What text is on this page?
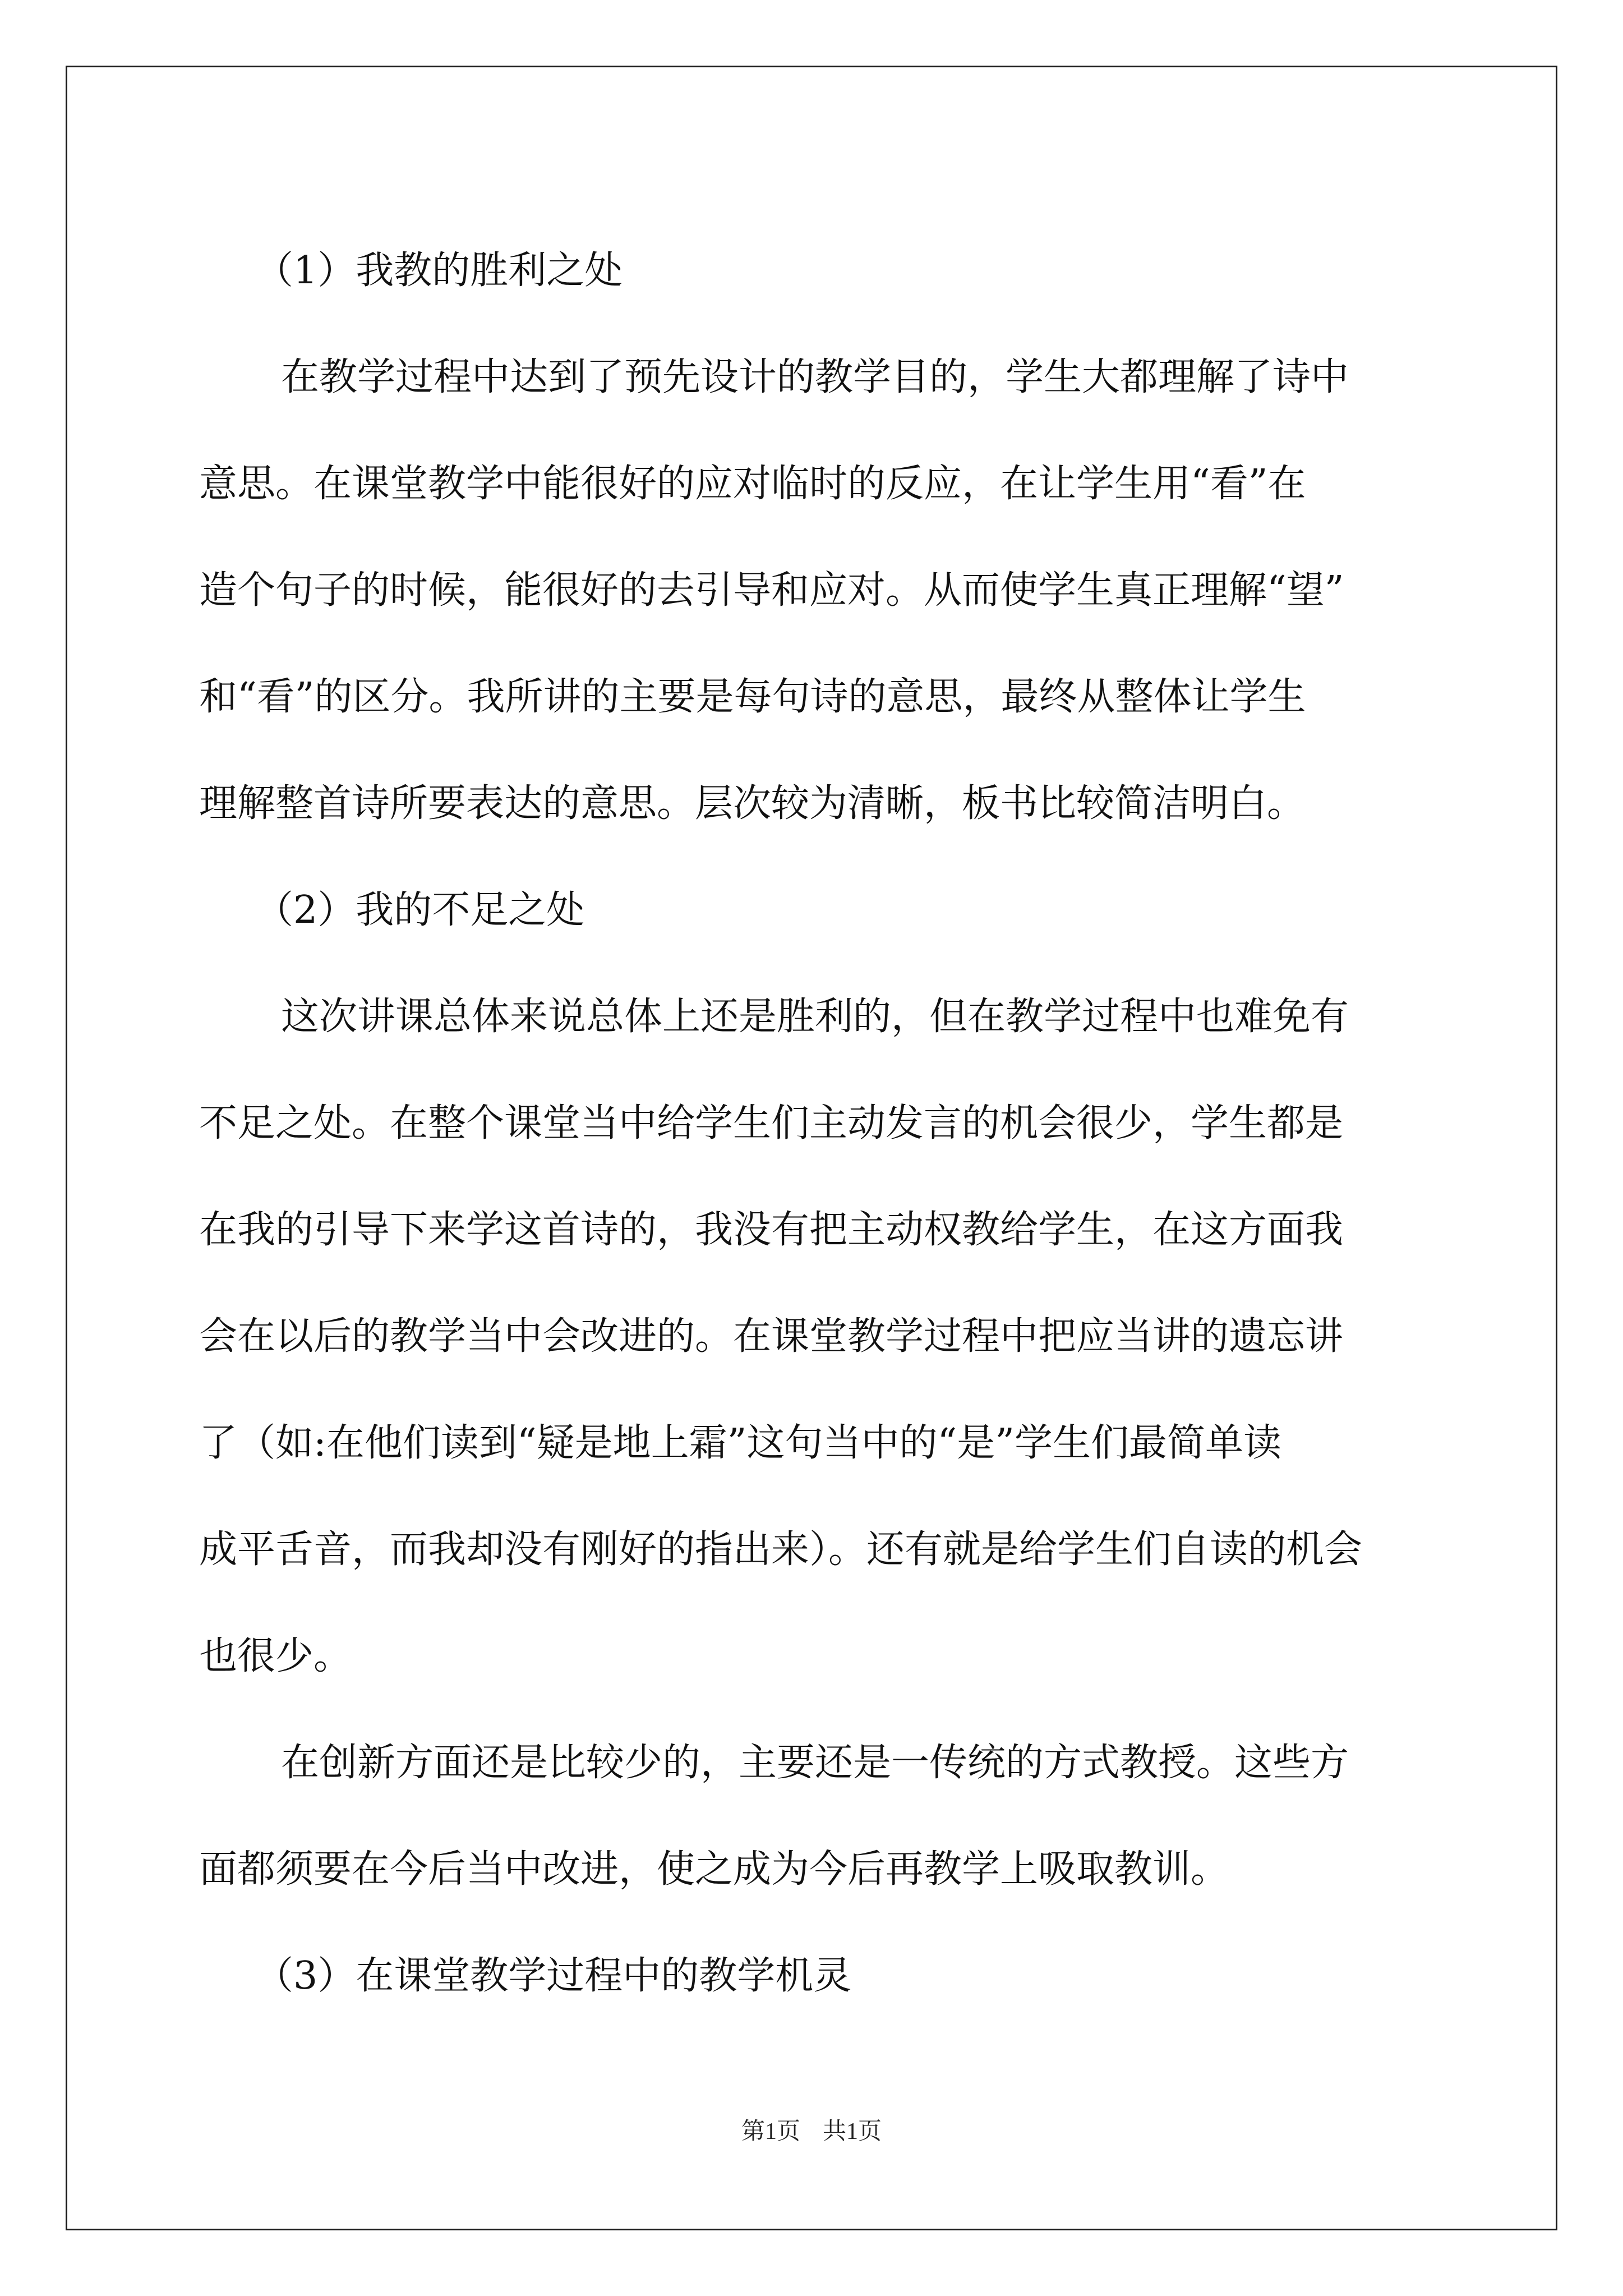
（1）我教的胜利之处

在教学过程中达到了预先设计的教学目的，学生大都理解了诗中
意思。在课堂教学中能很好的应对临时的反应，在让学生用“看”在
造个句子的时候，能很好的去引导和应对。从而使学生真正理解“望”
和“看”的区分。我所讲的主要是每句诗的意思，最终从整体让学生
理解整首诗所要表达的意思。层次较为清晰，板书比较简洁明白。

（2）我的不足之处

这次讲课总体来说总体上还是胜利的，但在教学过程中也难免有
不足之处。在整个课堂当中给学生们主动发言的机会很少，学生都是
在我的引导下来学这首诗的，我没有把主动权教给学生，在这方面我
会在以后的教学当中会改进的。在课堂教学过程中把应当讲的遗忘讲
了（如:在他们读到“疑是地上霜”这句当中的“是”学生们最简单读
成平舌音，而我却没有刚好的指出来）。还有就是给学生们自读的机会
也很少。
在创新方面还是比较少的，主要还是一传统的方式教授。这些方
面都须要在今后当中改进，使之成为今后再教学上吸取教训。

（3）在课堂教学过程中的教学机灵

第1页 共1页
